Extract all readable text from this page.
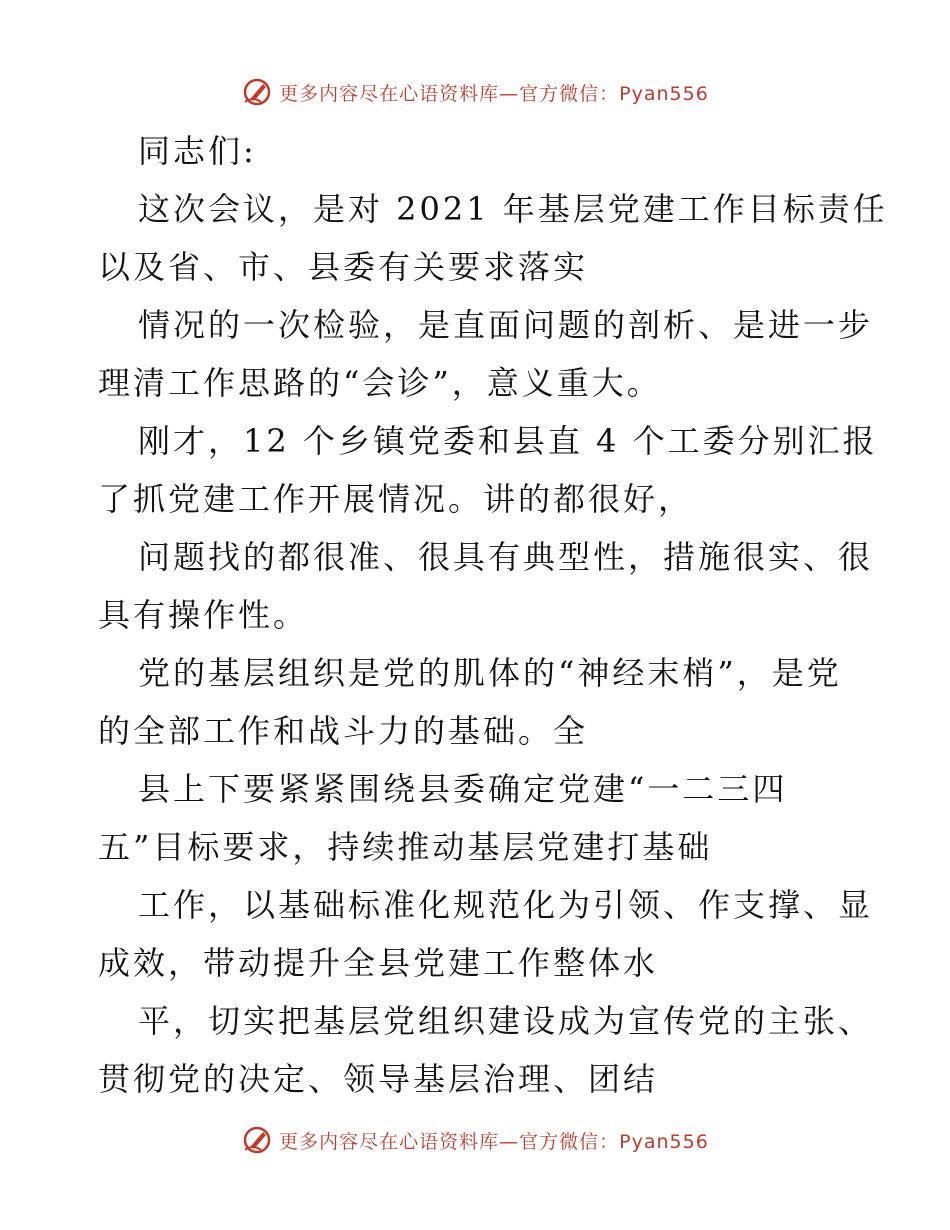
更多内容尽在心语资料库—官方微信：Pyan556
同志们:
这次会议，是对 2021 年基层党建工作目标责任
以及省、市、县委有关要求落实
情况的一次检验，是直面问题的剖析、是进一步
理清工作思路的“会诊”，意义重大。
刚才，12 个乡镇党委和县直 4 个工委分别汇报
了抓党建工作开展情况。讲的都很好，
问题找的都很准、很具有典型性，措施很实、很
具有操作性。
党的基层组织是党的肌体的“神经末梢”，是党
的全部工作和战斗力的基础。全
县上下要紧紧围绕县委确定党建“一二三四
五”目标要求，持续推动基层党建打基础
工作，以基础标准化规范化为引领、作支撑、显
成效，带动提升全县党建工作整体水
平，切实把基层党组织建设成为宣传党的主张、
贯彻党的决定、领导基层治理、团结
更多内容尽在心语资料库—官方微信：Pyan556
